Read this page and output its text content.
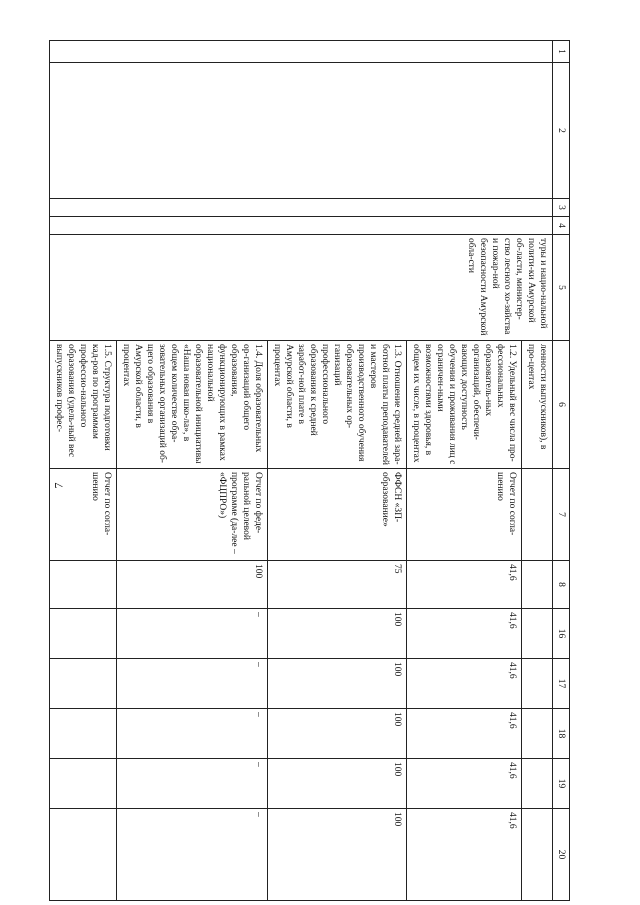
7
1	2	3	4	5	6	7	8	16	17	18	19	20
				туры и нацио-нальной полити-ки Амурской об-ласти, министер-ство лесного хо-зяйства и пожар-ной безопасности Амурской обла-сти	ленности выпускников), в про-центах							
					1.2. Удельный вес числа про-фессиональных образователь-ных организаций, обеспечи-вающих доступность обучения и проживания лиц с ограничен-ными возможностями здоровья, в общем их числе, в процентах	Отчет по согла-шению	41,6	41,6	41,6	41,6	41,6	41,6
					1.3. Отношение средней зара-ботной платы преподавателей и мастеров производственного обучения образовательных ор-ганизаций профессионального образования к средней заработ-ной плате в Амурской области, в процентах	ФФСН «ЗП-образование»	75	100	100	100	100	100
					1.4. Доля образовательных ор-ганизаций общего образования, функционирующих в рамках национальной образовательной инициативы «Наша новая шко-ла», в общем количестве обра-зовательных организаций об-щего образования в Амурской области, в процентах	Отчет по феде-ральной целевой программе (да-лее – «ФЦПРО»)	100	–	–	–	–	–
					1.5. Структура подготовки кад-ров по программам профессио-нального образования (удель-ный вес выпускников профес-	Отчет по согла-шению						
